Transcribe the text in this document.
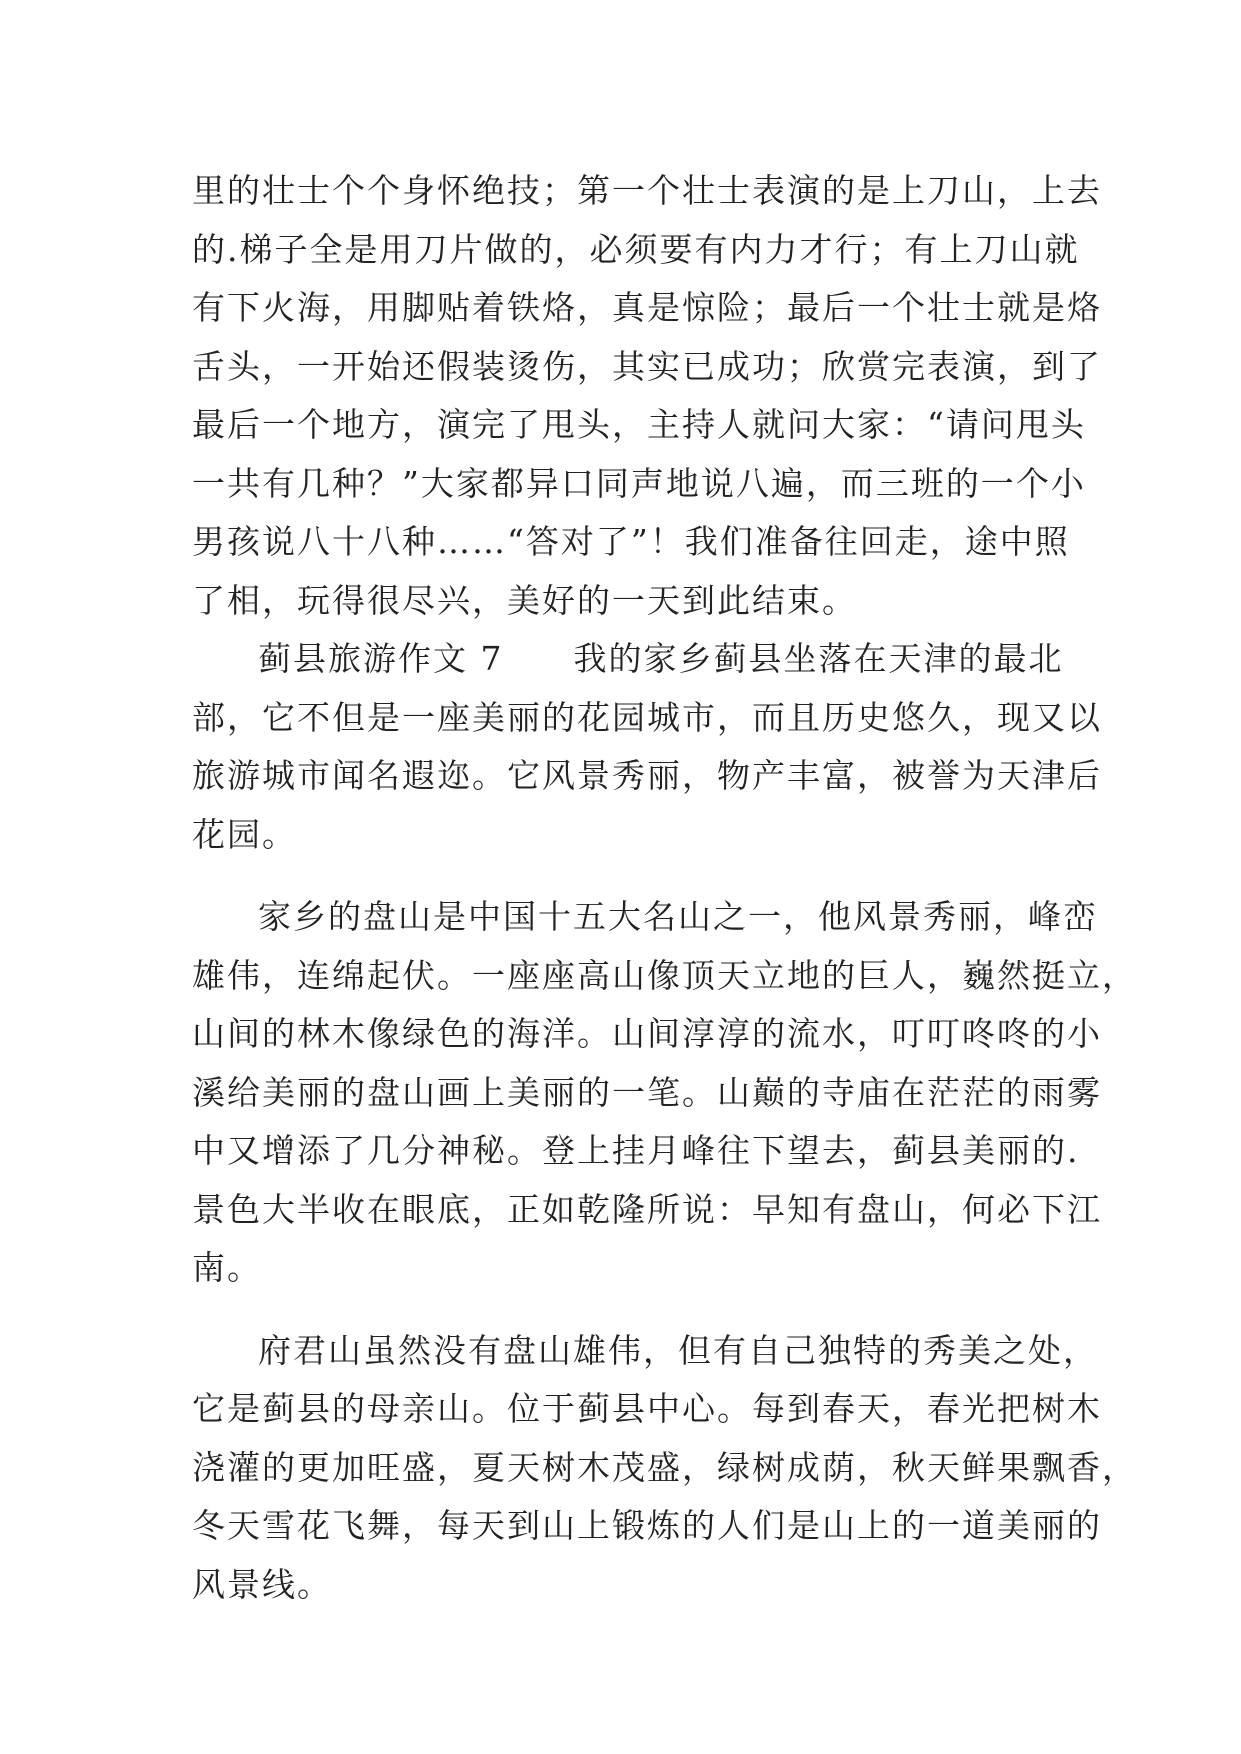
里的壮士个个身怀绝技；第一个壮士表演的是上刀山，上去
的.梯子全是用刀片做的，必须要有内力才行；有上刀山就
有下火海，用脚贴着铁烙，真是惊险；最后一个壮士就是烙
舌头，一开始还假装烫伤，其实已成功；欣赏完表演，到了
最后一个地方，演完了甩头，主持人就问大家：“请问甩头
一共有几种？”大家都异口同声地说八遍，而三班的一个小
男孩说八十八种……“答对了”！我们准备往回走，途中照
了相，玩得很尽兴，美好的一天到此结束。
蓟县旅游作文 7　　我的家乡蓟县坐落在天津的最北
部，它不但是一座美丽的花园城市，而且历史悠久，现又以
旅游城市闻名遐迩。它风景秀丽，物产丰富，被誉为天津后
花园。
家乡的盘山是中国十五大名山之一，他风景秀丽，峰峦
雄伟，连绵起伏。一座座高山像顶天立地的巨人，巍然挺立，
山间的林木像绿色的海洋。山间淳淳的流水，叮叮咚咚的小
溪给美丽的盘山画上美丽的一笔。山巅的寺庙在茫茫的雨雾
中又增添了几分神秘。登上挂月峰往下望去，蓟县美丽的.
景色大半收在眼底，正如乾隆所说：早知有盘山，何必下江
南。
府君山虽然没有盘山雄伟，但有自己独特的秀美之处，
它是蓟县的母亲山。位于蓟县中心。每到春天，春光把树木
浇灌的更加旺盛，夏天树木茂盛，绿树成荫，秋天鲜果飘香，
冬天雪花飞舞，每天到山上锻炼的人们是山上的一道美丽的
风景线。
